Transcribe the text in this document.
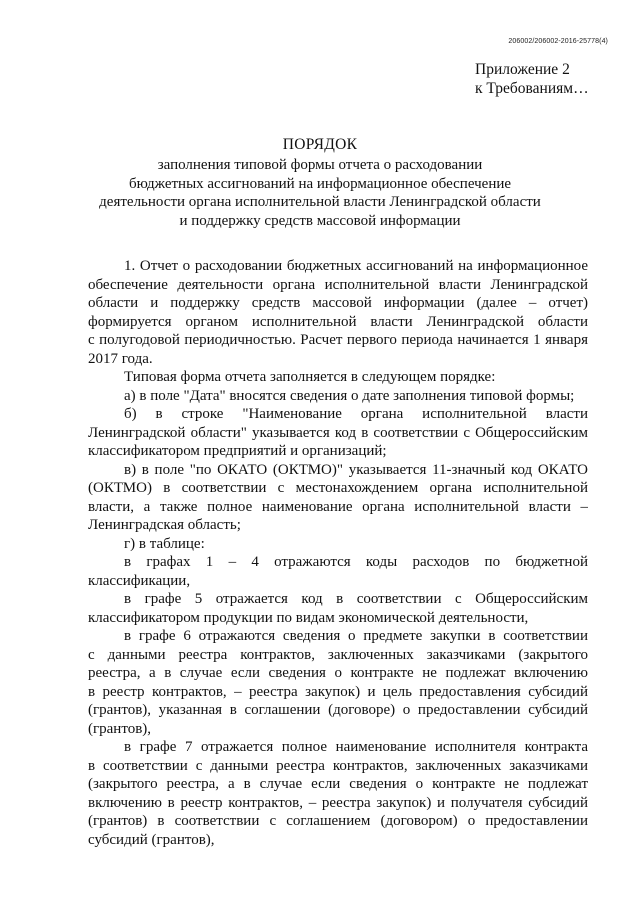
206002/206002-2016-25778(4)
Приложение 2
к Требованиям…
ПОРЯДОК
заполнения типовой формы отчета о расходовании
бюджетных ассигнований на информационное обеспечение
деятельности органа исполнительной власти Ленинградской области
и поддержку средств массовой информации
1. Отчет о расходовании бюджетных ассигнований на информационное
обеспечение деятельности органа исполнительной власти Ленинградской
области и поддержку средств массовой информации (далее – отчет)
формируется органом исполнительной власти Ленинградской области
с полугодовой периодичностью. Расчет первого периода начинается 1 января
2017 года.
Типовая форма отчета заполняется в следующем порядке:
а) в поле "Дата" вносятся сведения о дате заполнения типовой формы;
б) в строке "Наименование органа исполнительной власти
Ленинградской области" указывается код в соответствии с Общероссийским
классификатором предприятий и организаций;
в) в поле "по ОКАТО (ОКТМО)" указывается 11-значный код ОКАТО
(ОКТМО) в соответствии с местонахождением органа исполнительной
власти, а также полное наименование органа исполнительной власти –
Ленинградская область;
г) в таблице:
в графах 1 – 4 отражаются коды расходов по бюджетной
классификации,
в графе 5 отражается код в соответствии с Общероссийским
классификатором продукции по видам экономической деятельности,
в графе 6 отражаются сведения о предмете закупки в соответствии
с данными реестра контрактов, заключенных заказчиками (закрытого
реестра, а в случае если сведения о контракте не подлежат включению
в реестр контрактов, – реестра закупок) и цель предоставления субсидий
(грантов), указанная в соглашении (договоре) о предоставлении субсидий
(грантов),
в графе 7 отражается полное наименование исполнителя контракта
в соответствии с данными реестра контрактов, заключенных заказчиками
(закрытого реестра, а в случае если сведения о контракте не подлежат
включению в реестр контрактов, – реестра закупок) и получателя субсидий
(грантов) в соответствии с соглашением (договором) о предоставлении
субсидий (грантов),
